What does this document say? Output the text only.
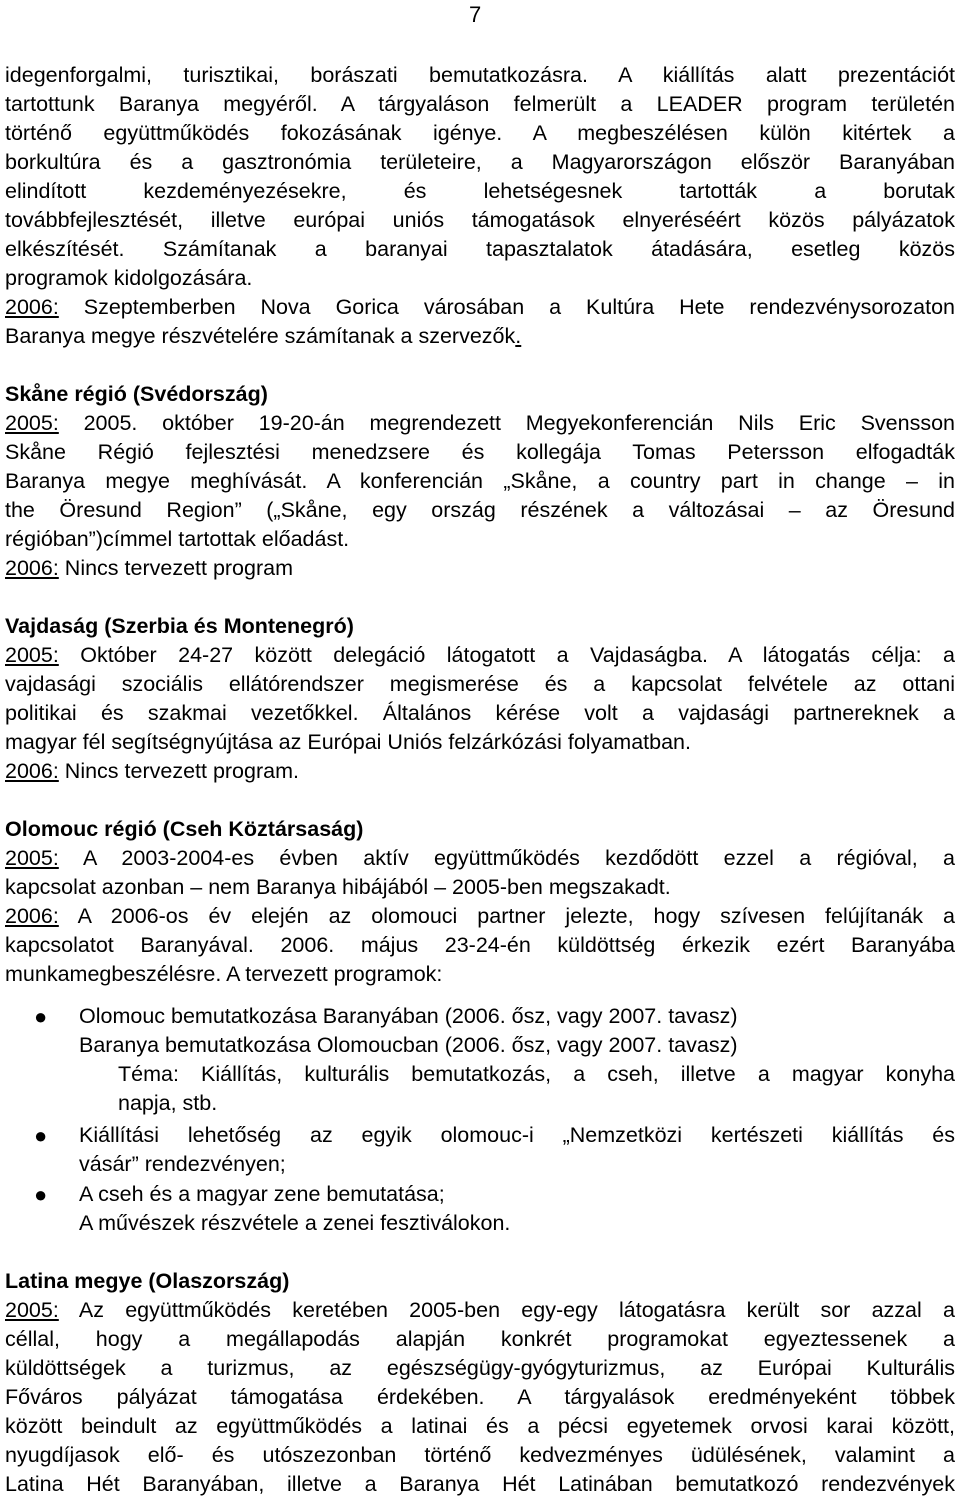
7
idegenforgalmi, turisztikai, borászati bemutatkozásra. A kiállítás alatt prezentációt
tartottunk Baranya megyéről. A tárgyaláson felmerült a LEADER program területén
történő együttműködés fokozásának igénye. A megbeszélésen külön kitértek a
borkultúra és a gasztronómia területeire, a Magyarországon először Baranyában
elindított kezdeményezésekre, és lehetségesnek tartották a borutak
továbbfejlesztését, illetve európai uniós támogatások elnyeréséért közös pályázatok
elkészítését. Számítanak a baranyai tapasztalatok átadására, esetleg közös
programok kidolgozására.
2006: Szeptemberben Nova Gorica városában a Kultúra Hete rendezvénysorozaton
Baranya megye részvételére számítanak a szervezők.
Skåne régió (Svédország)
2005: 2005. október 19-20-án megrendezett Megyekonferencián Nils Eric Svensson
Skåne Régió fejlesztési menedzsere és kollegája Tomas Petersson elfogadták
Baranya megye meghívását. A konferencián „Skåne, a country part in change – in
the Öresund Region” („Skåne, egy ország részének a változásai – az Öresund
régióban”)címmel tartottak előadást.
2006: Nincs tervezett program
Vajdaság (Szerbia és Montenegró)
2005: Október 24-27 között delegáció látogatott a Vajdaságba. A látogatás célja: a
vajdasági szociális ellátórendszer megismerése és a kapcsolat felvétele az ottani
politikai és szakmai vezetőkkel. Általános kérése volt a vajdasági partnereknek a
magyar fél segítségnyújtása az Európai Uniós felzárkózási folyamatban.
2006: Nincs tervezett program.
Olomouc régió (Cseh Köztársaság)
2005: A 2003-2004-es évben aktív együttműködés kezdődött ezzel a régióval, a
kapcsolat azonban – nem Baranya hibájából – 2005-ben megszakadt.
2006: A 2006-os év elején az olomouci partner jelezte, hogy szívesen felújítanák a
kapcsolatot Baranyával. 2006. május 23-24-én küldöttség érkezik ezért Baranyába
munkamegbeszélésre. A tervezett programok:
● Olomouc bemutatkozása Baranyában (2006. ősz, vagy 2007. tavasz)
Baranya bemutatkozása Olomoucban (2006. ősz, vagy 2007. tavasz)
Téma: Kiállítás, kulturális bemutatkozás, a cseh, illetve a magyar konyha
napja, stb.
● Kiállítási lehetőség az egyik olomouc-i „Nemzetközi kertészeti kiállítás és
vásár” rendezvényen;
● A cseh és a magyar zene bemutatása;
A művészek részvétele a zenei fesztiválokon.
Latina megye (Olaszország)
2005: Az együttműködés keretében 2005-ben egy-egy látogatásra került sor azzal a
céllal, hogy a megállapodás alapján konkrét programokat egyeztessenek a
küldöttségek a turizmus, az egészségügy-gyógyturizmus, az Európai Kulturális
Főváros pályázat támogatása érdekében. A tárgyalások eredményeként többek
között beindult az együttműködés a latinai és a pécsi egyetemek orvosi karai között,
nyugdíjasok elő- és utószezonban történő kedvezményes üdülésének, valamint a
Latina Hét Baranyában, illetve a Baranya Hét Latinában bemutatkozó rendezvények
